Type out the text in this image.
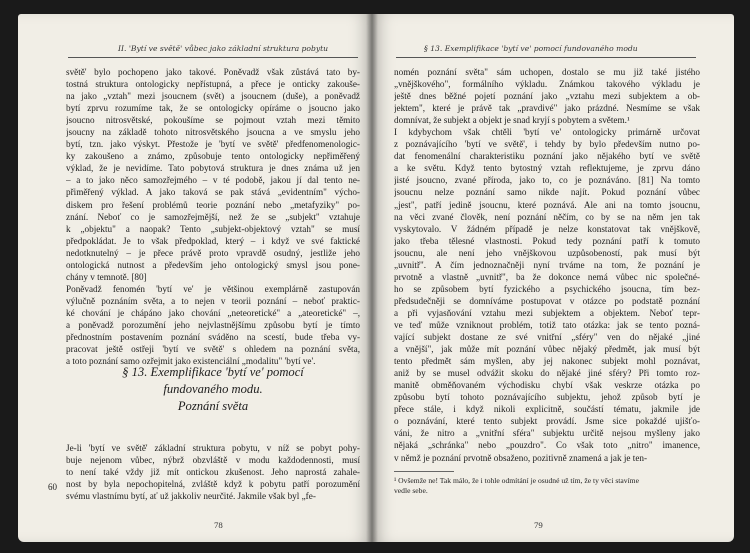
II. 'Bytí ve světě' vůbec jako základní struktura pobytu
světě' bylo pochopeno jako takové. Poněvadž však zůstává tato by-
tostná struktura ontologicky nepřístupná, a přece je onticky zakouše-
na jako „vztah" mezi jsoucnem (svět) a jsoucnem (duše), a poněvadž
bytí zprvu rozumíme tak, že se ontologicky opíráme o jsoucno jako
jsoucno nitrosvětské, pokoušíme se pojmout vztah mezi těmito
jsoucny na základě tohoto nitrosvětského jsoucna a ve smyslu jeho
bytí, tzn. jako výskyt. Přestože je 'bytí ve světě' předfenomenologic-
ky zakoušeno a známo, způsobuje tento ontologicky nepřiměřený
výklad, že je nevidíme. Tato pobytová struktura je dnes známa už jen
– a to jako něco samozřejmého – v té podobě, jakou jí dal tento ne-
přiměřený výklad. A jako taková se pak stává „evidentním" výcho-
diskem pro řešení problémů teorie poznání nebo „metafyziky" po-
znání. Neboť co je samozřejmější, než že se „subjekt" vztahuje
k „objektu" a naopak? Tento „subjekt-objektový vztah" se musí
předpokládat. Je to však předpoklad, který – i když ve své faktické
nedotknutelný – je přece právě proto vpravdě osudný, jestliže jeho
ontologická nutnost a především jeho ontologický smysl jsou pone-
chány v temnotě. [80]
Poněvadž fenomén 'bytí ve' je většinou exemplárně zastupován
výlučně poznáním světa, a to nejen v teorii poznání – neboť praktic-
ké chování je chápáno jako chování „neteoretické" a „ateoretické" –,
a poněvadž porozumění jeho nejvlastnějšímu způsobu bytí je tímto
přednostním postavením poznání sváděno na scestí, bude třeba vy-
pracovat ještě ostřeji 'bytí ve světě' s ohledem na poznání světa,
a toto poznání samo ozřejmit jako existenciální „modalitu" 'bytí ve'.
§ 13. Exemplifikace 'bytí ve' pomocí
fundovaného modu.
Poznání světa
Je-li 'bytí ve světě' základní struktura pobytu, v níž se pobyt pohy-
buje nejenom vůbec, nýbrž obzvláště v modu každodennosti, musí
to není také vždy již mít ontickou zkušenost. Jeho naprostá zahale-
nost by byla nepochopitelná, zvláště když k pobytu patří porozumění
svému vlastnímu bytí, ať už jakkoliv neurčité. Jakmile však byl „fe-
60
78
§ 13. Exemplifikace 'bytí ve' pomocí fundovaného modu
nomén poznání světa" sám uchopen, dostalo se mu již také jistého
„vnějškového", formálního výkladu. Známkou takového výkladu je
ještě dnes běžné pojetí poznání jako „vztahu mezi subjektem a ob-
jektem", které je právě tak „pravdivé" jako prázdné. Nesmíme se však
domnívat, že subjekt a objekt je snad kryjí s pobytem a světem.¹
I kdybychom však chtěli 'bytí ve' ontologicky primárně určovat
z poznávajícího 'bytí ve světě', i tehdy by bylo především nutno po-
dat fenomenální charakteristiku poznání jako nějakého bytí ve světě
a ke světu. Když tento bytostný vztah reflektujeme, je zprvu dáno
jisté jsoucno, zvané příroda, jako to, co je poznáváno. [81] Na tomto
jsoucnu nelze poznání samo nikde najít. Pokud poznání vůbec
„jest", patří jedině jsoucnu, které poznává. Ale ani na tomto jsoucnu,
na věci zvané člověk, není poznání něčím, co by se na něm jen tak
vyskytovalo. V žádném případě je nelze konstatovat tak vnějškově,
jako třeba tělesné vlastnosti. Pokud tedy poznání patří k tomuto
jsoucnu, ale není jeho vnějškovou uzpůsobeností, pak musí být
„uvnitř". A čím jednoznačněji nyní trváme na tom, že poznání je
prvotně a vlastně „uvnitř", ba že dokonce nemá vůbec nic společné-
ho se způsobem bytí fyzického a psychického jsoucna, tím bez-
předsudečněji se domníváme postupovat v otázce po podstatě poznání
a při vyjasňování vztahu mezi subjektem a objektem. Neboť tepr-
ve teď může vzniknout problém, totiž tato otázka: jak se tento pozná-
vající subjekt dostane ze své vnitřní „sféry" ven do nějaké „jiné
a vnější", jak může mít poznání vůbec nějaký předmět, jak musí být
tento předmět sám myšlen, aby jej nakonec subjekt mohl poznávat,
aniž by se musel odvážit skoku do nějaké jiné sféry? Při tomto roz-
manitě obměňovaném východisku chybí však veskrze otázka po
způsobu bytí tohoto poznávajícího subjektu, jehož způsob bytí je
přece stále, i když nikoli explicitně, součástí tématu, jakmile jde
o poznávání, které tento subjekt provádí. Jsme sice pokaždé ujišťo-
váni, že nitro a „vnitřní sféra" subjektu určitě nejsou myšleny jako
nějaká „schránka" nebo „pouzdro". Co však toto „nitro" imanence,
v němž je poznání prvotně obsaženo, pozitivně znamená a jak je ten-
¹ Ovšemže ne! Tak málo, že i tohle odmítání je osudné už tím, že ty věci stavíme
vedle sebe.
79
